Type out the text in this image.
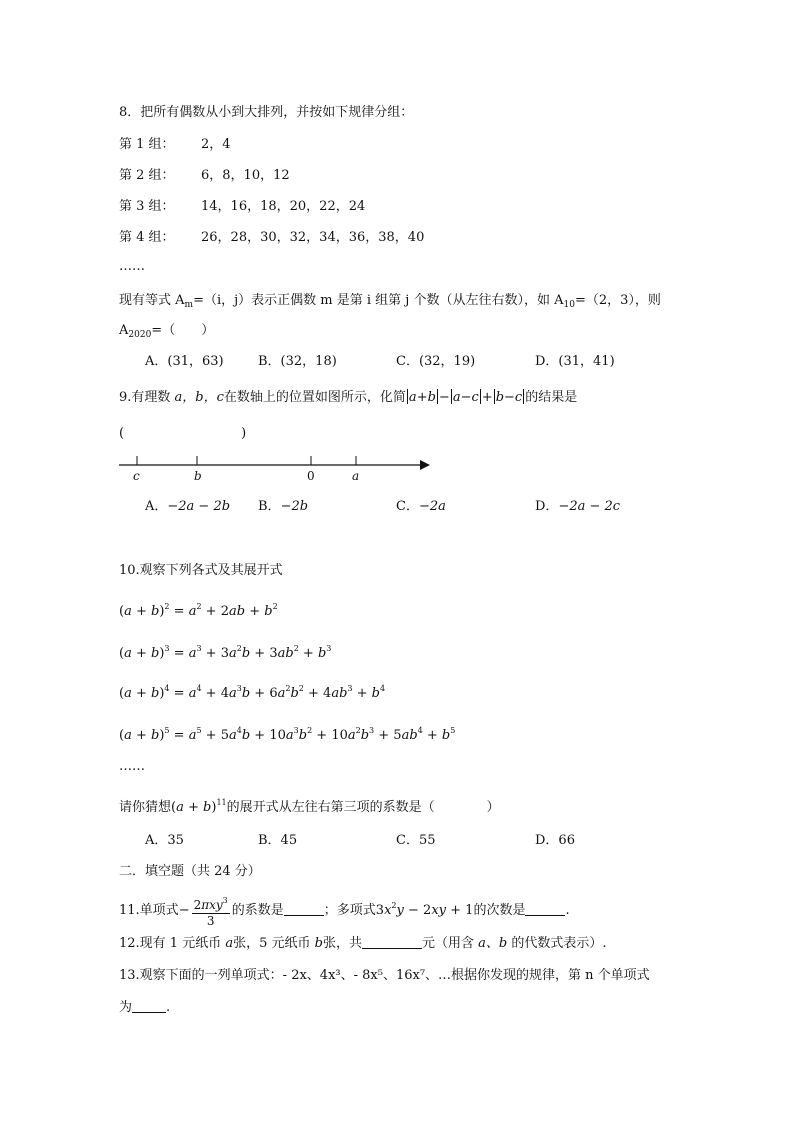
8．把所有偶数从小到大排列，并按如下规律分组：
第 1 组： 2，4
第 2 组： 6，8，10，12
第 3 组： 14，16，18，20，22，24
第 4 组： 26，28，30，32，34，36，38，40
……
现有等式 $A_m=(i$，j）表示正偶数 m 是第 i 组第 j 个数（从左往右数），如 $A_{10}=(2$，3），则
$A_{2020}=$（　　）
A．(31，63)	B．(32，18)	C．(32，19)	D．(31，41)
9.有理数 a，b，c在数轴上的位置如图所示，化简 a+b − a−c + b−c 的结果是
(　　　　　　　　　)
c	b	0	a
A．−2a − 2b B．−2b	C．−2a	D．−2a − 2c
10.观察下列各式及其展开式
$(a + b)^2 = a^2 + 2ab + b^2$
$(a + b)^3 = a^3 + 3a^2b + 3ab^2 + b^3$
$(a + b)^4 = a^4 + 4a^3b + 6a^2b^2 + 4ab^3 + b^4$
$(a + b)^5 = a^5 + 5a^4b + 10a^3b^2 + 10a^2b^3 + 5ab^4 + b^5$
……
请你猜想$(a + b)^{11}$的展开式从左往右第三项的系数是（　　　　）
A．35	B．45	C．55	D．66
二．填空题（共 24 分）
11.单项式− $\frac{2\pi xy^3}{3}$ 的系数是	；多项式$3x^2y - 2xy + 1$的次数是	.
12.现有 1 元纸币 a张，5 元纸币 b张，共	元（用含 a、b 的代数式表示）.
13.观察下面的一列单项式：- 2x、4x³、- 8x⁵、16x⁷、…根据你发现的规律，第 n 个单项式
为	.
